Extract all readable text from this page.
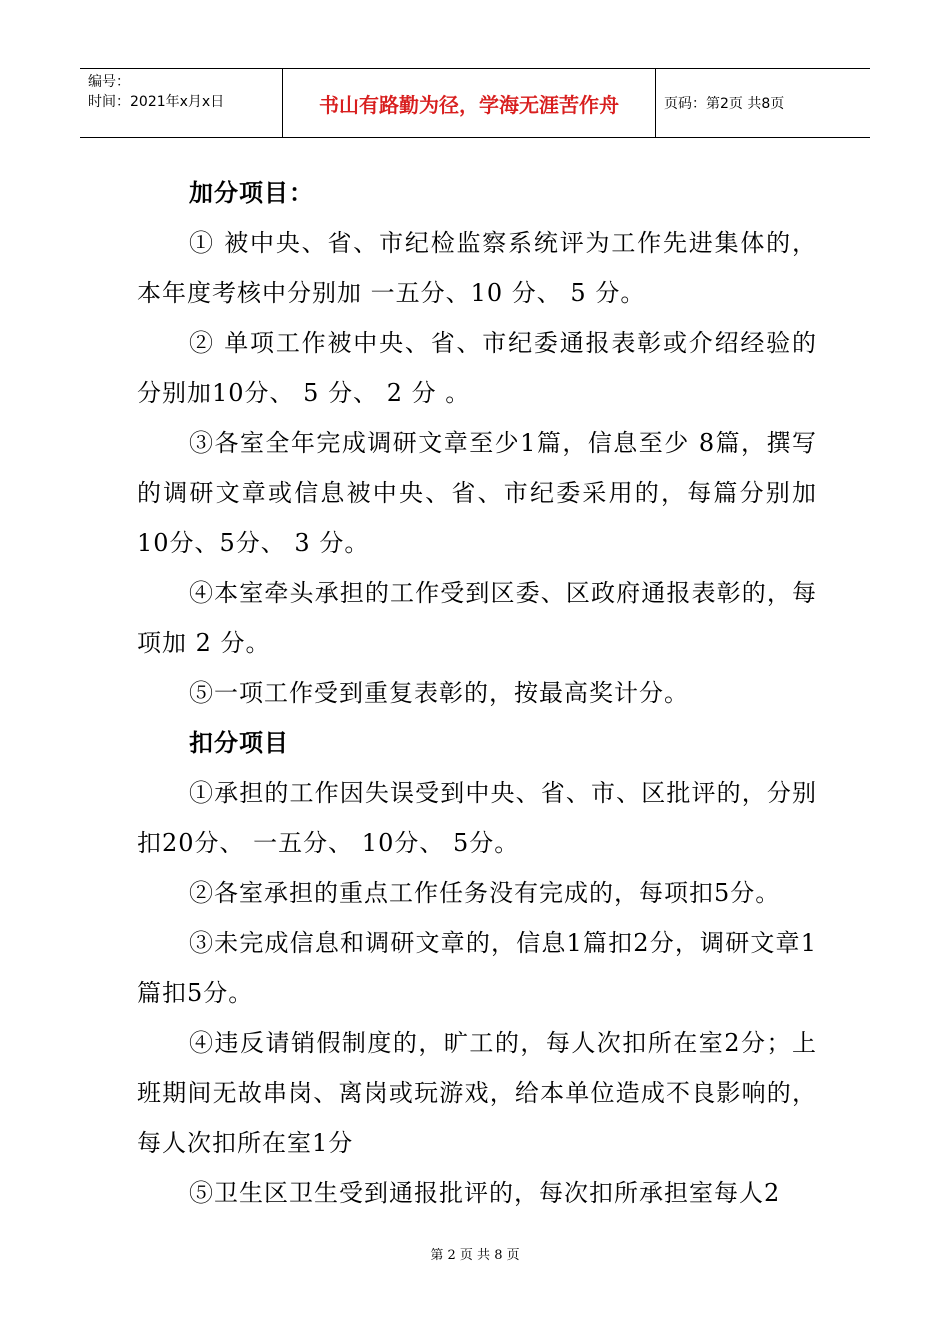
编号：
时间：2021年x月x日	书山有路勤为径，学海无涯苦作舟	页码：第2页 共8页

加分项目：

① 被中央、省、市纪检监察系统评为工作先进集体的，本年度考核中分别加 一五分、10 分、 5 分。

② 单项工作被中央、省、市纪委通报表彰或介绍经验的分别加10分、 5 分、 2 分 。

③各室全年完成调研文章至少1篇，信息至少 8篇，撰写的调研文章或信息被中央、省、市纪委采用的，每篇分别加10分、5分、 3 分。

④本室牵头承担的工作受到区委、区政府通报表彰的，每项加 2 分。

⑤一项工作受到重复表彰的，按最高奖计分。

扣分项目

①承担的工作因失误受到中央、省、市、区批评的，分别扣20分、 一五分、 10分、 5分。

②各室承担的重点工作任务没有完成的，每项扣5分。

③未完成信息和调研文章的，信息1篇扣2分，调研文章1篇扣5分。

④违反请销假制度的，旷工的，每人次扣所在室2分；上班期间无故串岗、离岗或玩游戏，给本单位造成不良影响的，每人次扣所在室1分

⑤卫生区卫生受到通报批评的，每次扣所承担室每人2

第 2 页 共 8 页
